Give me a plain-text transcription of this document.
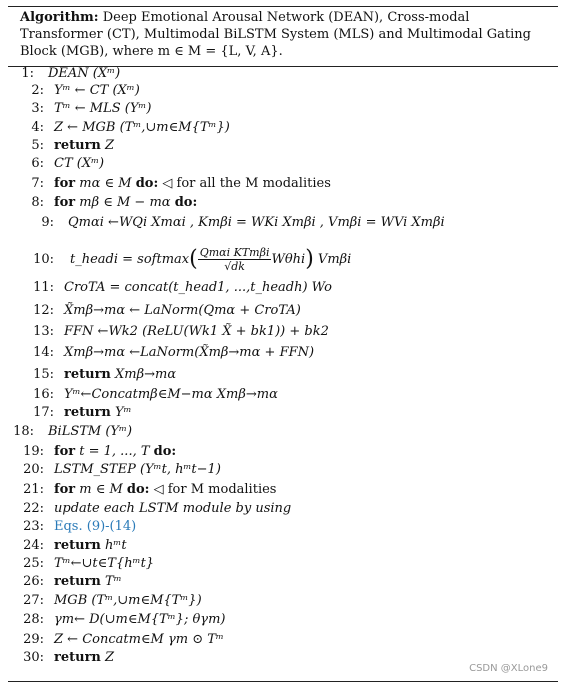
Algorithm: Deep Emotional Arousal Network (DEAN), Cross-modal Transformer (CT), Multimodal BiLSTM System (MLS) and Multimodal Gating Block (MGB), where m ∈ M = {L, V, A}.
1: DEAN (Xᵐ)
2: Yᵐ ← CT (Xᵐ)
3: Tᵐ ← MLS (Yᵐ)
4: Z ← MGB (Tᵐ,∪m∈M{Tᵐ})
5: return Z
6: CT (Xᵐ)
7: for mα ∈ M do: ◁ for all the M modalities
8: for mβ ∈ M − mα do:
9: Qmαi ←WQi Xmαi , Kmβi = WKi Xmβi , Vmβi = WVi Xmβi
10: t_headi = softmax( $\frac{\text{Qmαi KTmβi}}{√dk} W\theta hi$) Vmβi
11: CroTA = concat(t_head1, ...,t_headh) Wo
12: X̃mβ→mα ← LaNorm(Qmα + CroTA)
13: FFN ←Wk2 (ReLU(Wk1 X̃ + bk1)) + bk2
14: Xmβ→mα ←LaNorm(X̃mβ→mα + FFN)
15: return Xmβ→mα
16: Yᵐ←Concatmβ∈M−mα Xmβ→mα
17: return Yᵐ
18: BiLSTM (Yᵐ)
19: for t = 1, ..., T do:
20: LSTM_STEP (Yᵐt, hᵐt−1)
21: for m ∈ M do: ◁ for M modalities
22: update each LSTM module by using
23: Eqs. (9)-(14)
24: return hᵐt
25: Tᵐ←∪t∈T{hᵐt}
26: return Tᵐ
27: MGB (Tᵐ,∪m∈M{Tᵐ})
28: γm← D(∪m∈M{Tᵐ}; θγm)
29: Z ← Concatm∈M γm ⊙ Tᵐ
30: return Z
CSDN @XLone9
